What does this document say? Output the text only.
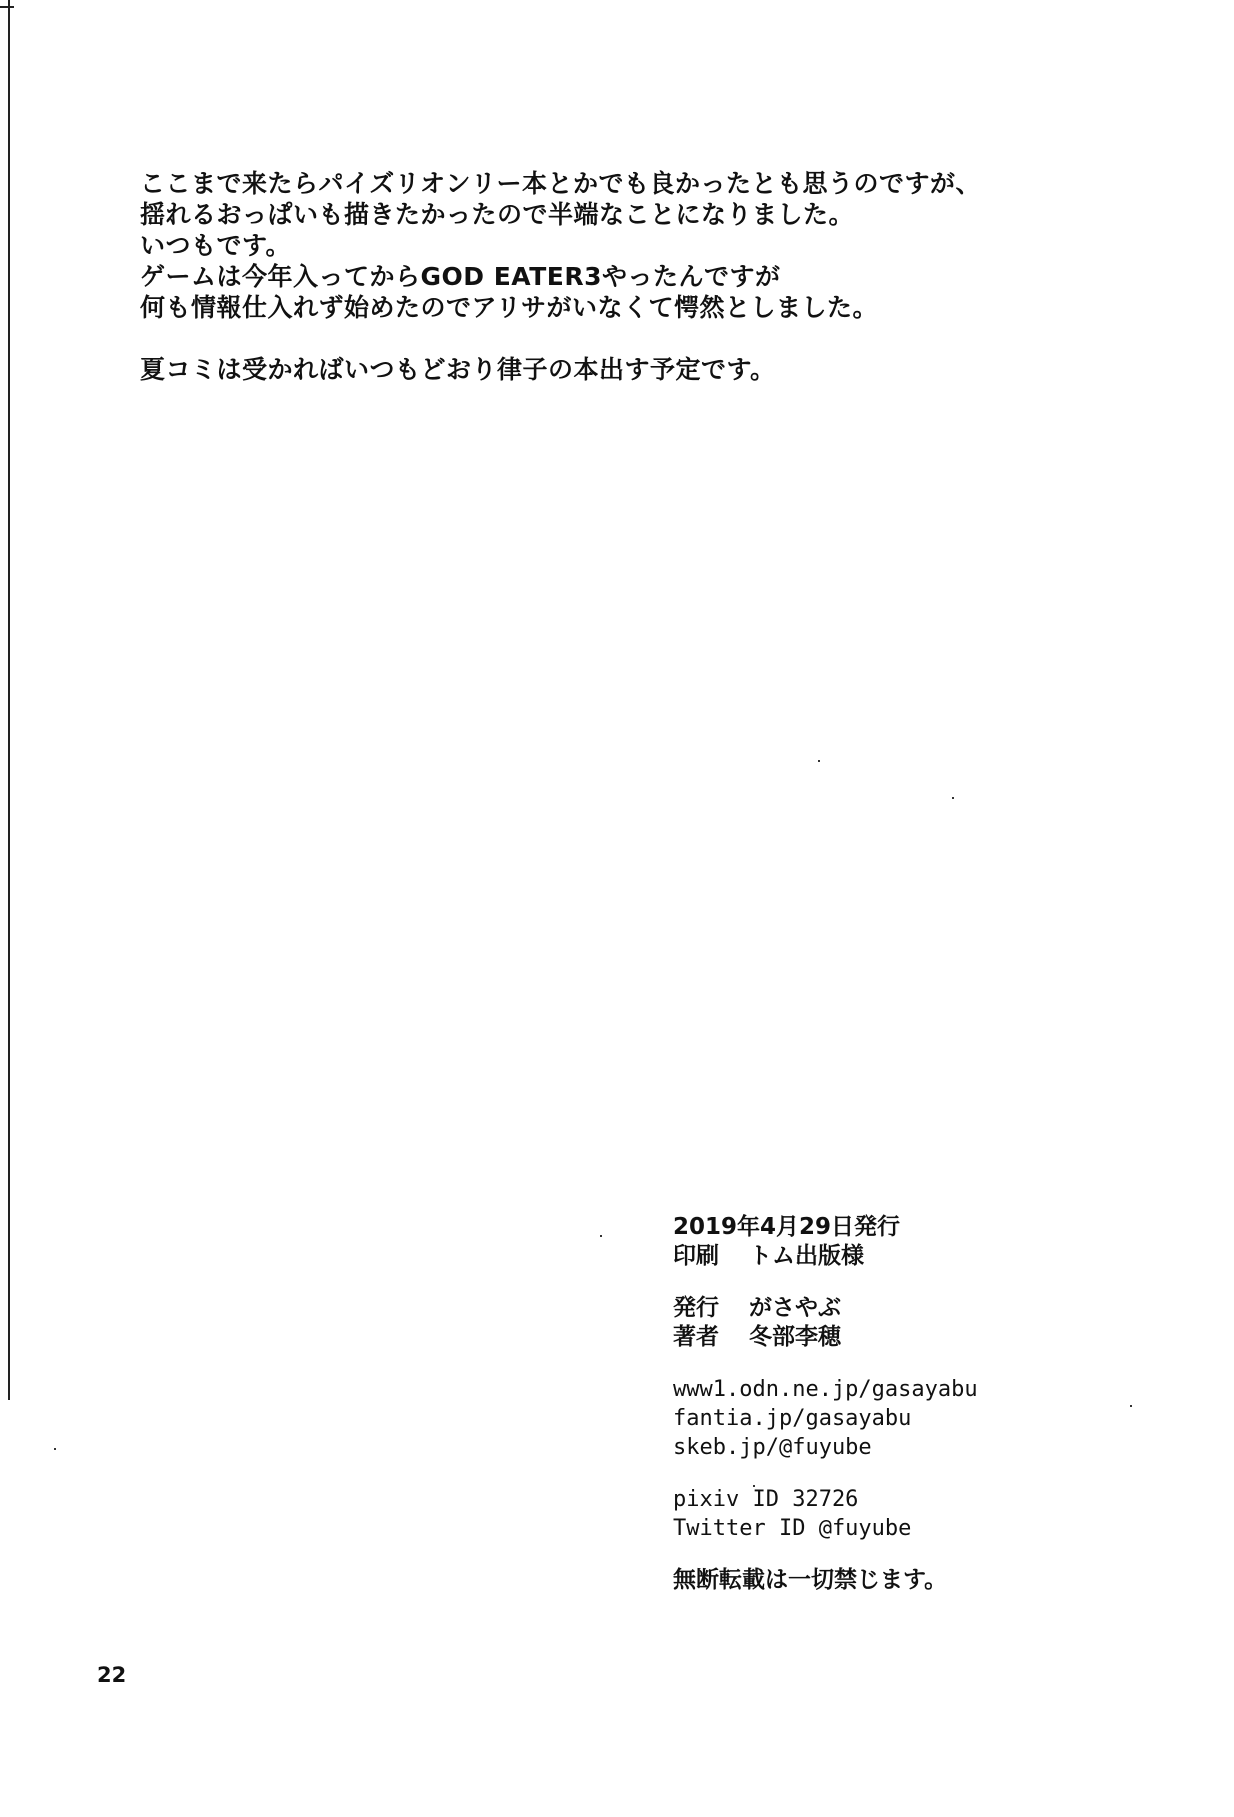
ここまで来たらパイズリオンリー本とかでも良かったとも思うのですが、
揺れるおっぱいも描きたかったので半端なことになりました。
いつもです。
ゲームは今年入ってからGOD EATER3やったんですが
何も情報仕入れず始めたのでアリサがいなくて愕然としました。
夏コミは受かればいつもどおり律子の本出す予定です。
2019年4月29日発行
印刷	トム出版様
発行	がさやぶ
著者	冬部李穂
www1.odn.ne.jp/gasayabu
fantia.jp/gasayabu
skeb.jp/@fuyube
pixiv ID 32726
Twitter ID @fuyube
無断転載は一切禁じます。
22
